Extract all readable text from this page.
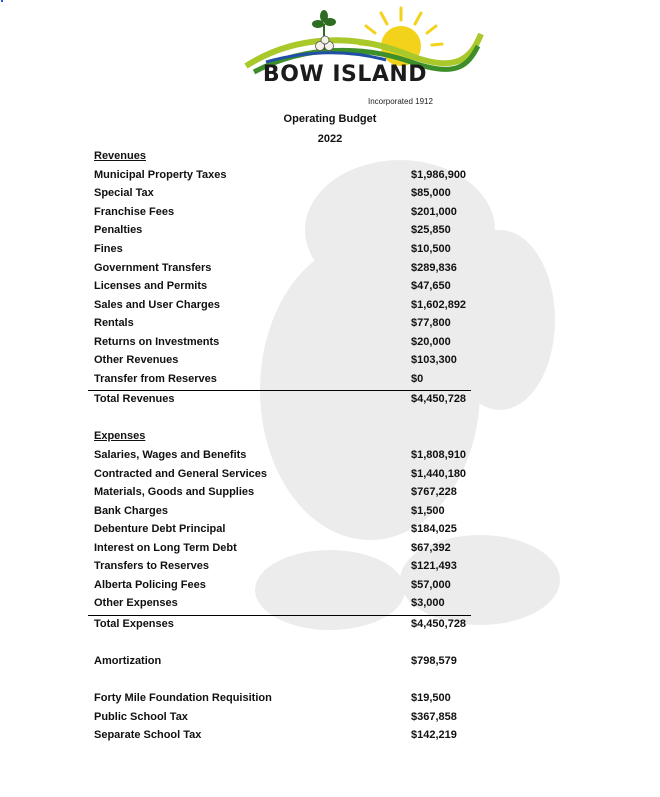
BOW ISLAND
Incorporated 1912
Operating Budget
2022
Revenues
Municipal Property Taxes	$1,986,900
Special Tax	$85,000
Franchise Fees	$201,000
Penalties	$25,850
Fines	$10,500
Government Transfers	$289,836
Licenses and Permits	$47,650
Sales and User Charges	$1,602,892
Rentals	$77,800
Returns on Investments	$20,000
Other Revenues	$103,300
Transfer from Reserves	$0
Total Revenues	$4,450,728
Expenses
Salaries, Wages and Benefits	$1,808,910
Contracted and General Services	$1,440,180
Materials, Goods and Supplies	$767,228
Bank Charges	$1,500
Debenture Debt Principal	$184,025
Interest on Long Term Debt	$67,392
Transfers to Reserves	$121,493
Alberta Policing Fees	$57,000
Other Expenses	$3,000
Total Expenses	$4,450,728
Amortization	$798,579
Forty Mile Foundation Requisition	$19,500
Public School Tax	$367,858
Separate School Tax	$142,219
